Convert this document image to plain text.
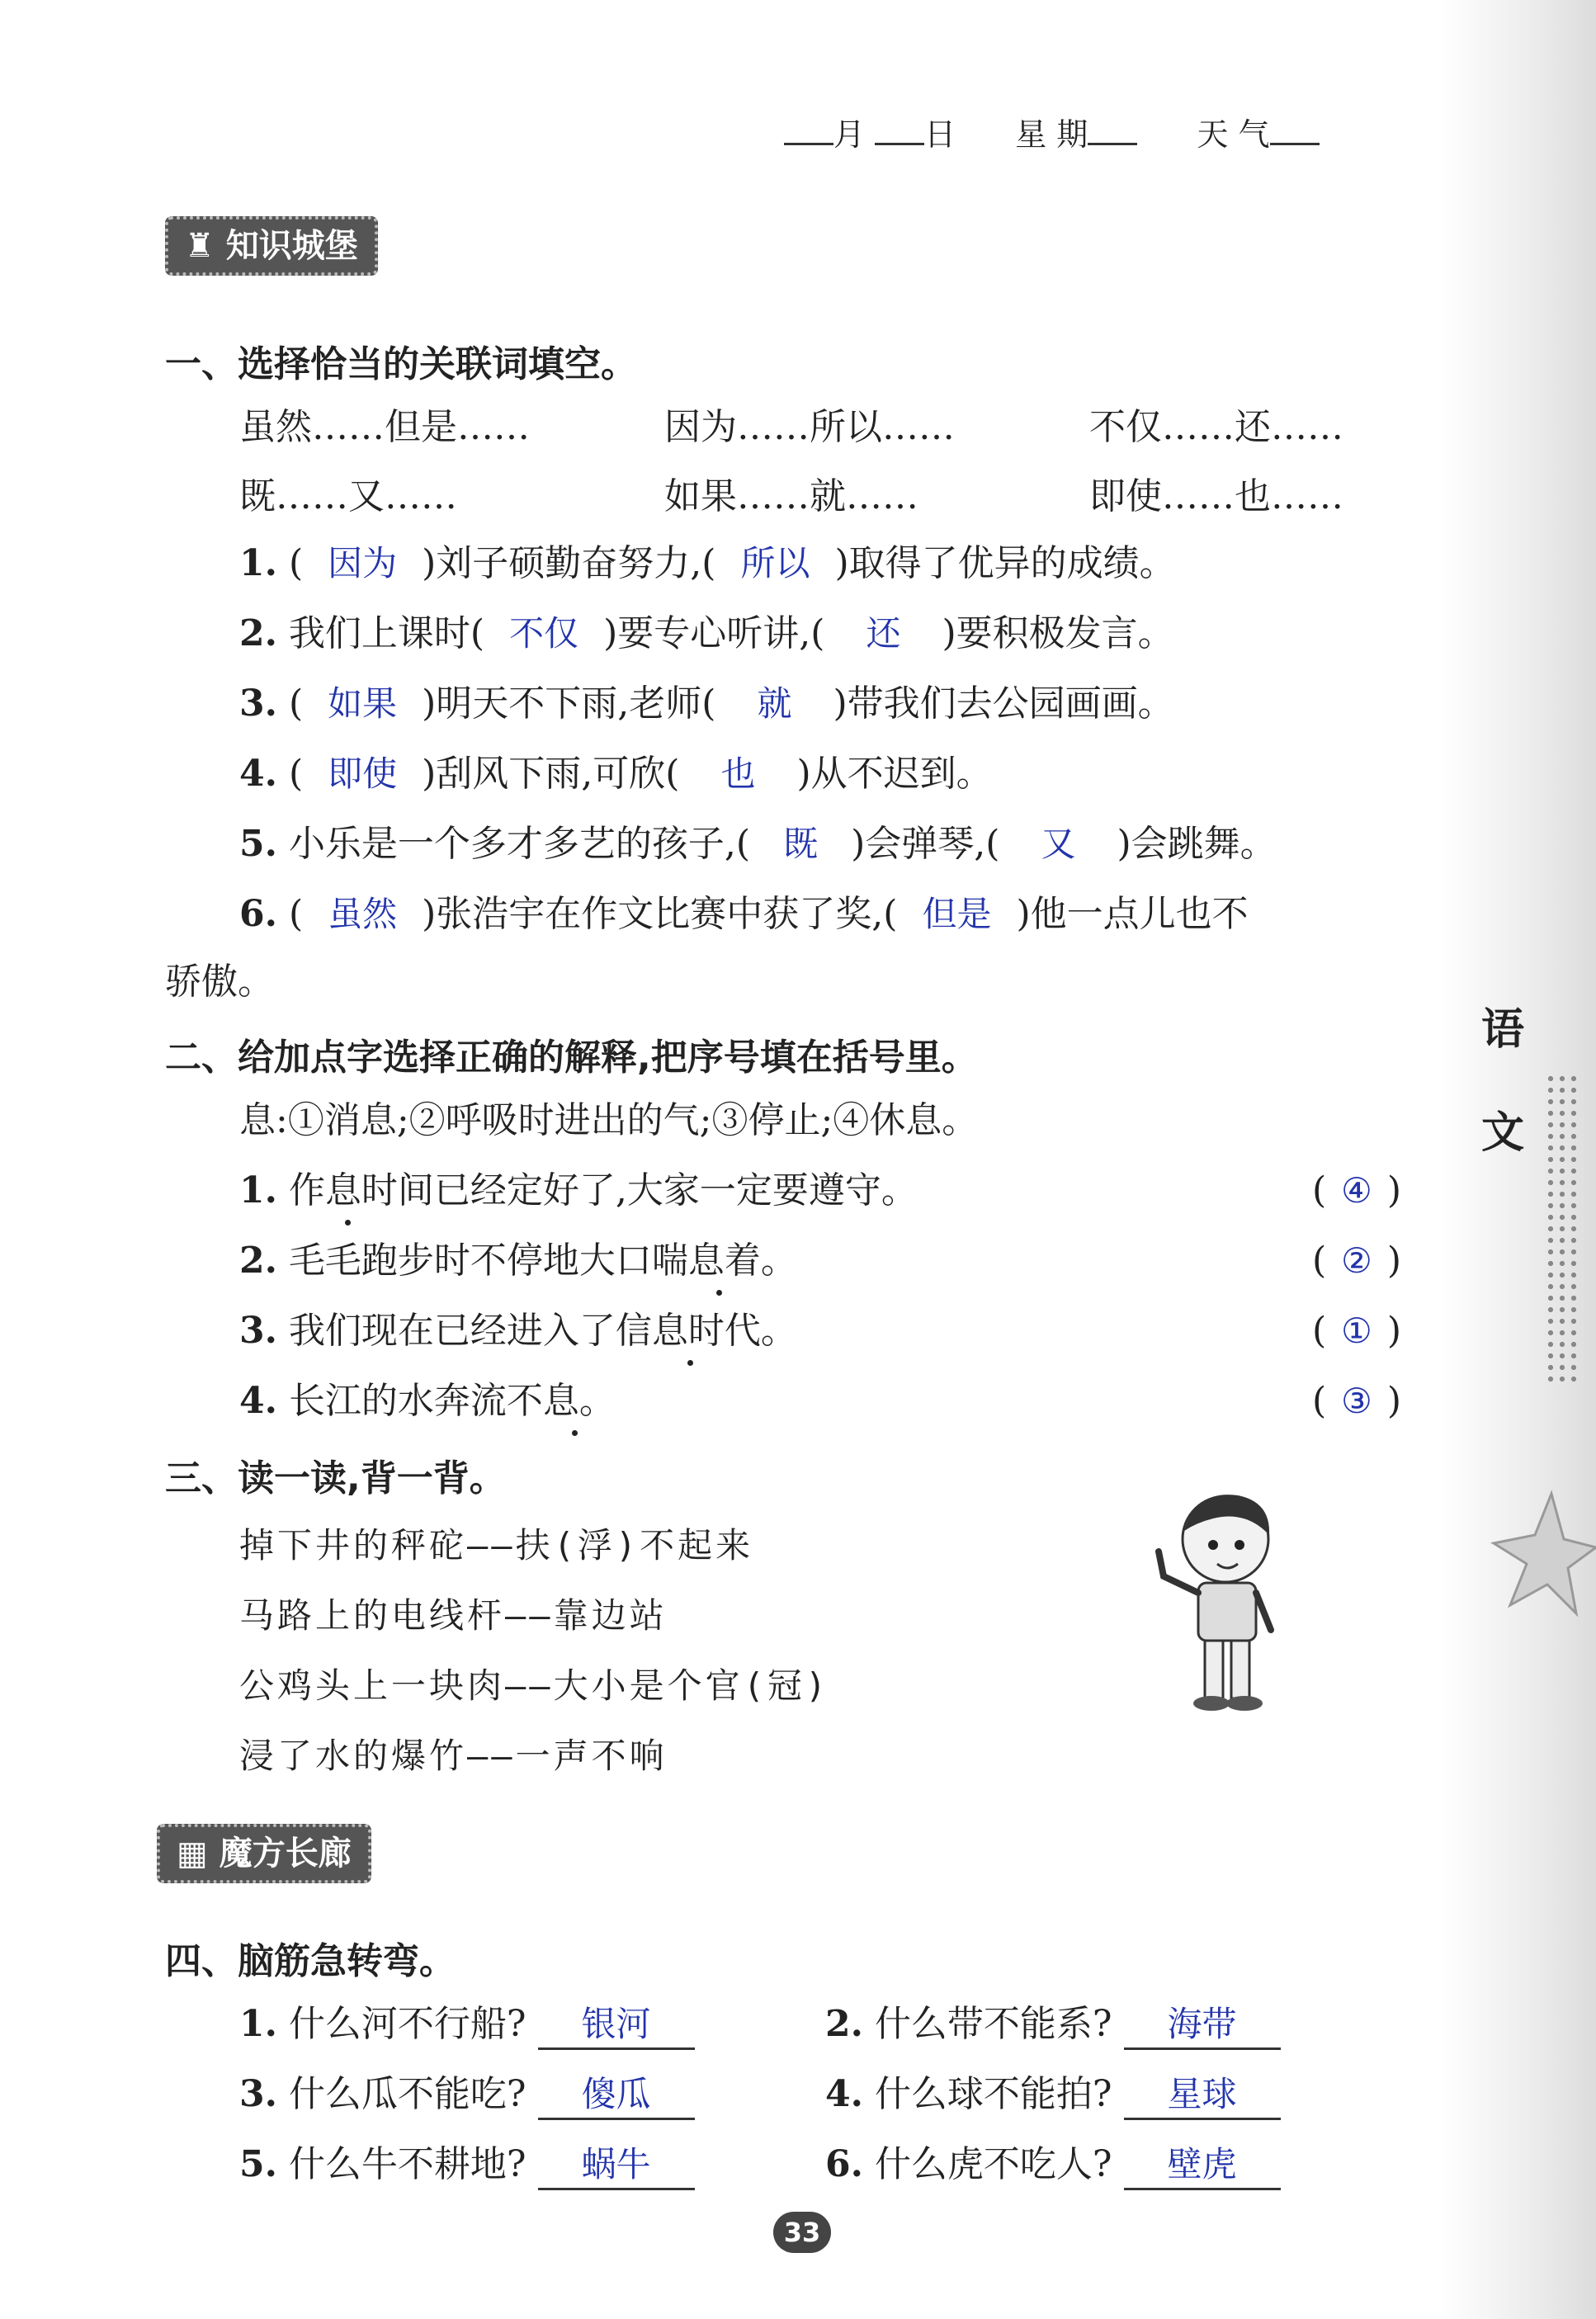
月 日 星 期	天 气
♜ 知识城堡
一、选择恰当的关联词填空。
虽然……但是……	因为……所以……	不仅……还……
既……又……	如果……就……	即使……也……
1. ( 因为 )刘子硕勤奋努力,( 所以 )取得了优异的成绩。
2. 我们上课时( 不仅 )要专心听讲,( 还 )要积极发言。
3. ( 如果 )明天不下雨,老师( 就 )带我们去公园画画。
4. ( 即使 )刮风下雨,可欣( 也 )从不迟到。
5. 小乐是一个多才多艺的孩子,( 既 )会弹琴,( 又 )会跳舞。
6. ( 虽然 )张浩宇在作文比赛中获了奖,( 但是 )他一点儿也不
骄傲。
二、给加点字选择正确的解释,把序号填在括号里。
息:①消息;②呼吸时进出的气;③停止;④休息。
1. 作息时间已经定好了,大家一定要遵守。	( ④ )
2. 毛毛跑步时不停地大口喘息着。	( ② )
3. 我们现在已经进入了信息时代。	( ① )
4. 长江的水奔流不息。	( ③ )
三、读一读,背一背。
掉下井的秤砣——扶(浮)不起来
马路上的电线杆——靠边站
公鸡头上一块肉——大小是个官(冠)
浸了水的爆竹——一声不响
▦ 魔方长廊
四、脑筋急转弯。
1. 什么河不行船? 银河	2. 什么带不能系? 海带
3. 什么瓜不能吃? 傻瓜	4. 什么球不能拍? 星球
5. 什么牛不耕地? 蜗牛	6. 什么虎不吃人? 壁虎
语
文
33
